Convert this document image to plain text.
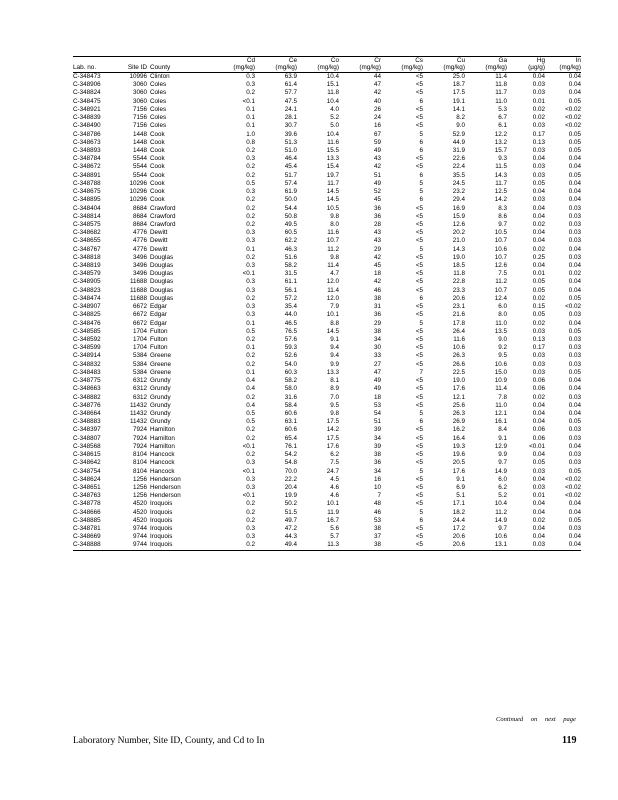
			Cd	Ce	Co	Cr	Cs	Cu	Ga	Hg	In
Lab. no.	Site ID	County	(mg/kg)	(mg/kg)	(mg/kg)	(mg/kg)	(mg/kg)	(mg/kg)	(mg/kg)	(µg/g)	(mg/kg)
C-348473	10996	Clinton	0.3	63.9	10.4	44	<5	25.0	11.4	0.04	0.04
C-348906	3060	Coles	0.3	61.4	15.1	47	<5	18.7	11.8	0.03	0.04
C-348824	3060	Coles	0.2	57.7	11.8	42	<5	17.5	11.7	0.03	0.04
C-348475	3060	Coles	<0.1	47.5	10.4	40	6	19.1	11.0	0.01	0.05
C-348921	7156	Coles	0.1	24.1	4.0	26	<5	14.1	5.3	0.02	<0.02
C-348839	7156	Coles	0.1	28.1	5.2	24	<5	8.2	6.7	0.02	<0.02
C-348490	7156	Coles	0.1	30.7	5.0	16	<5	9.0	6.1	0.03	<0.02
C-348786	1448	Cook	1.0	39.6	10.4	67	5	52.9	12.2	0.17	0.05
C-348673	1448	Cook	0.8	51.3	11.6	59	6	44.9	13.2	0.13	0.05
C-348893	1448	Cook	0.2	51.0	15.5	49	6	31.9	15.7	0.03	0.05
C-348784	5544	Cook	0.3	46.4	13.3	43	<5	22.6	9.3	0.04	0.04
C-348672	5544	Cook	0.2	45.4	15.4	42	<5	22.4	11.5	0.03	0.04
C-348891	5544	Cook	0.2	51.7	19.7	51	6	35.5	14.3	0.03	0.05
C-348788	10296	Cook	0.5	57.4	11.7	49	5	24.5	11.7	0.05	0.04
C-348675	10296	Cook	0.3	61.9	14.5	52	5	23.2	12.5	0.04	0.04
C-348895	10296	Cook	0.2	50.0	14.5	45	6	29.4	14.2	0.03	0.04
C-348404	8684	Crawford	0.2	54.4	10.5	36	<5	16.9	8.3	0.04	0.03
C-348814	8684	Crawford	0.2	50.8	9.8	36	<5	15.9	8.6	0.04	0.03
C-348575	8684	Crawford	0.2	49.5	8.0	28	<5	12.6	9.7	0.02	0.03
C-348682	4776	Dewitt	0.3	60.5	11.6	43	<5	20.2	10.5	0.04	0.03
C-348655	4776	Dewitt	0.3	62.2	10.7	43	<5	21.0	10.7	0.04	0.03
C-348767	4776	Dewitt	0.1	46.3	11.2	29	5	14.3	10.6	0.02	0.04
C-348818	3496	Douglas	0.2	51.6	9.8	42	<5	19.0	10.7	0.25	0.03
C-348819	3496	Douglas	0.3	58.2	11.4	45	<5	18.5	12.6	0.04	0.04
C-348579	3496	Douglas	<0.1	31.5	4.7	18	<5	11.8	7.5	0.01	0.02
C-348905	11688	Douglas	0.3	61.1	12.0	42	<5	22.8	11.2	0.05	0.04
C-348823	11688	Douglas	0.3	56.1	11.4	46	<5	23.3	10.7	0.05	0.04
C-348474	11688	Douglas	0.2	57.2	12.0	38	6	20.6	12.4	0.02	0.05
C-348907	6672	Edgar	0.3	35.4	7.9	31	<5	23.1	6.0	0.15	<0.02
C-348825	6672	Edgar	0.3	44.0	10.1	36	<5	21.6	8.0	0.05	0.03
C-348476	6672	Edgar	0.1	46.5	8.8	29	5	17.8	11.0	0.02	0.04
C-348585	1704	Fulton	0.5	76.5	14.5	38	<5	26.4	13.5	0.03	0.05
C-348592	1704	Fulton	0.2	57.6	9.1	34	<5	11.6	9.0	0.13	0.03
C-348599	1704	Fulton	0.1	59.3	9.4	30	<5	10.6	9.2	0.17	0.03
C-348914	5384	Greene	0.2	52.6	9.4	33	<5	26.3	9.5	0.03	0.03
C-348832	5384	Greene	0.2	54.0	9.9	27	<5	26.6	10.6	0.03	0.03
C-348483	5384	Greene	0.1	60.3	13.3	47	7	22.5	15.0	0.03	0.05
C-348775	6312	Grundy	0.4	58.2	8.1	49	<5	19.0	10.9	0.06	0.04
C-348663	6312	Grundy	0.4	58.0	8.9	49	<5	17.6	11.4	0.06	0.04
C-348882	6312	Grundy	0.2	31.6	7.0	18	<5	12.1	7.8	0.02	0.03
C-348776	11432	Grundy	0.4	58.4	9.5	53	<5	25.6	11.0	0.04	0.04
C-348664	11432	Grundy	0.5	60.6	9.8	54	5	26.3	12.1	0.04	0.04
C-348883	11432	Grundy	0.5	63.1	17.5	51	6	26.9	16.1	0.04	0.05
C-348397	7924	Hamilton	0.2	60.6	14.2	39	<5	16.2	8.4	0.06	0.03
C-348807	7924	Hamilton	0.2	65.4	17.5	34	<5	16.4	9.1	0.06	0.03
C-348568	7924	Hamilton	<0.1	76.1	17.6	39	<5	19.3	12.9	<0.01	0.04
C-348615	8104	Hancock	0.2	54.2	6.2	38	<5	19.6	9.9	0.04	0.03
C-348642	8104	Hancock	0.3	54.8	7.5	36	<5	20.5	9.7	0.05	0.03
C-348754	8104	Hancock	<0.1	70.0	24.7	34	5	17.6	14.9	0.03	0.05
C-348624	1256	Henderson	0.3	22.2	4.5	16	<5	9.1	6.0	0.04	<0.02
C-348651	1256	Henderson	0.3	20.4	4.6	10	<5	6.9	6.2	0.03	<0.02
C-348763	1256	Henderson	<0.1	19.9	4.6	7	<5	5.1	5.2	0.01	<0.02
C-348778	4520	Iroquois	0.2	50.2	10.1	48	<5	17.1	10.4	0.04	0.04
C-348666	4520	Iroquois	0.2	51.5	11.9	46	5	18.2	11.2	0.04	0.04
C-348885	4520	Iroquois	0.2	49.7	16.7	53	6	24.4	14.9	0.02	0.05
C-348781	9744	Iroquois	0.3	47.2	5.6	38	<5	17.2	9.7	0.04	0.03
C-348669	9744	Iroquois	0.3	44.3	5.7	37	<5	20.6	10.6	0.04	0.04
C-348888	9744	Iroquois	0.2	49.4	11.3	38	<5	20.6	13.1	0.03	0.04
Continued on next page
Laboratory Number, Site ID, County, and Cd to In	119
